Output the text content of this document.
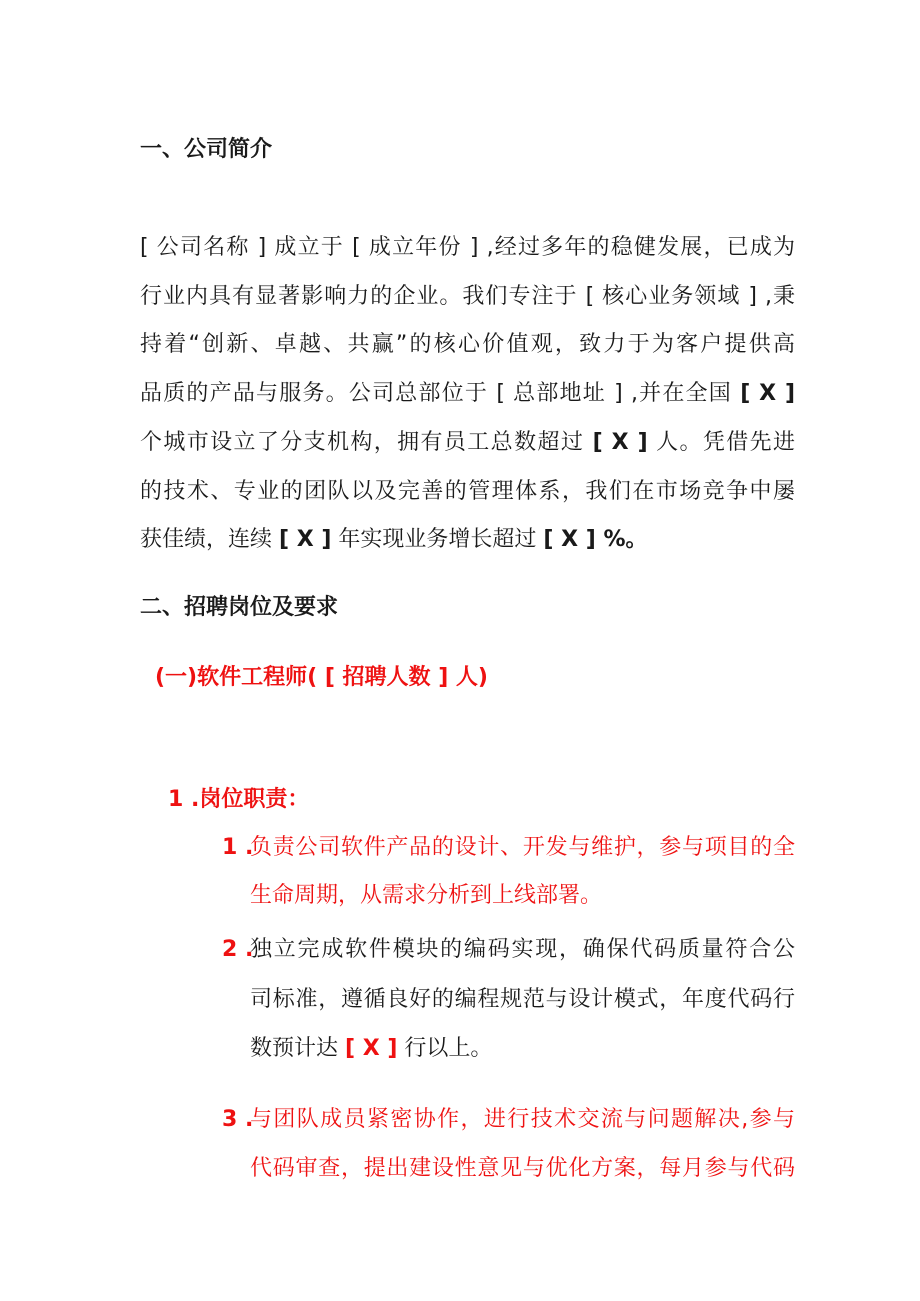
一、公司简介
[ 公司名称 ] 成立于 [ 成立年份 ] ,经过多年的稳健发展，已成为
行业内具有显著影响力的企业。我们专注于 [ 核心业务领域 ] ,秉
持着“创新、卓越、共赢”的核心价值观，致力于为客户提供高
品质的产品与服务。公司总部位于 [ 总部地址 ] ,并在全国 [ X ]
个城市设立了分支机构，拥有员工总数超过 [ X ] 人。凭借先进
的技术、专业的团队以及完善的管理体系，我们在市场竞争中屡
获佳绩，连续 [ X ] 年实现业务增长超过 [ X ] %。
二、招聘岗位及要求
(一)软件工程师( [ 招聘人数 ] 人)
1 .岗位职责：
1 .
负责公司软件产品的设计、开发与维护，参与项目的全
生命周期，从需求分析到上线部署。
2 .
独立完成软件模块的编码实现，确保代码质量符合公
司标准，遵循良好的编程规范与设计模式，年度代码行
数预计达 [ X ] 行以上。
3 .
与团队成员紧密协作，进行技术交流与问题解决,参与
代码审查，提出建设性意见与优化方案，每月参与代码
